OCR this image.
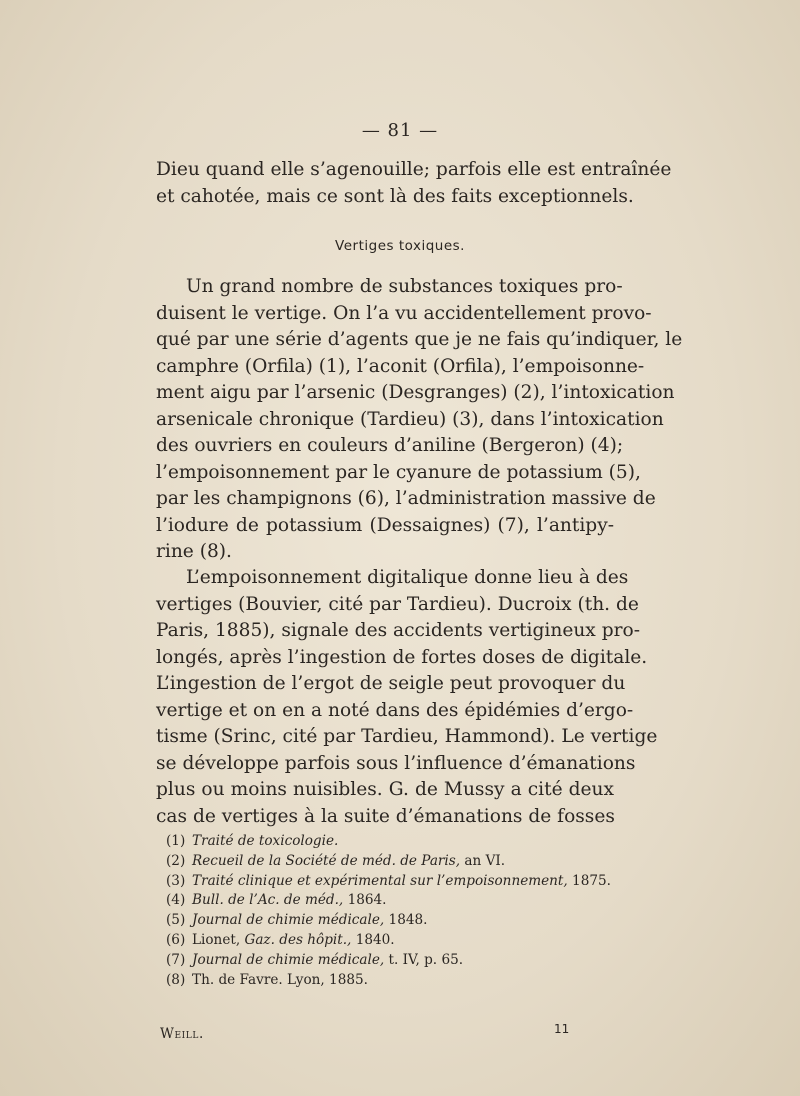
— 81 —
Dieu quand elle s’agenouille; parfois elle est entraînée
et cahotée, mais ce sont là des faits exceptionnels.
Vertiges toxiques.
Un grand nombre de substances toxiques pro-
duisent le vertige. On l’a vu accidentellement provo-
qué par une série d’agents que je ne fais qu’indiquer, le
camphre (Orfila) (1), l’aconit (Orfila), l’empoisonne-
ment aigu par l’arsenic (Desgranges) (2), l’intoxication
arsenicale chronique (Tardieu) (3), dans l’intoxication
des ouvriers en couleurs d’aniline (Bergeron) (4);
l’empoisonnement par le cyanure de potassium (5),
par les champignons (6), l’administration massive de
l’iodure de potassium (Dessaignes) (7), l’antipy-
rine (8).
L’empoisonnement digitalique donne lieu à des
vertiges (Bouvier, cité par Tardieu). Ducroix (th. de
Paris, 1885), signale des accidents vertigineux pro-
longés, après l’ingestion de fortes doses de digitale.
L’ingestion de l’ergot de seigle peut provoquer du
vertige et on en a noté dans des épidémies d’ergo-
tisme (Srinc, cité par Tardieu, Hammond). Le vertige
se développe parfois sous l’influence d’émanations
plus ou moins nuisibles. G. de Mussy a cité deux
cas de vertiges à la suite d’émanations de fosses
(1) Traité de toxicologie.
(2) Recueil de la Société de méd. de Paris, an VI.
(3) Traité clinique et expérimental sur l’empoisonnement, 1875.
(4) Bull. de l’Ac. de méd., 1864.
(5) Journal de chimie médicale, 1848.
(6) Lionet, Gaz. des hôpit., 1840.
(7) Journal de chimie médicale, t. IV, p. 65.
(8) Th. de Favre. Lyon, 1885.
Weill.	11
